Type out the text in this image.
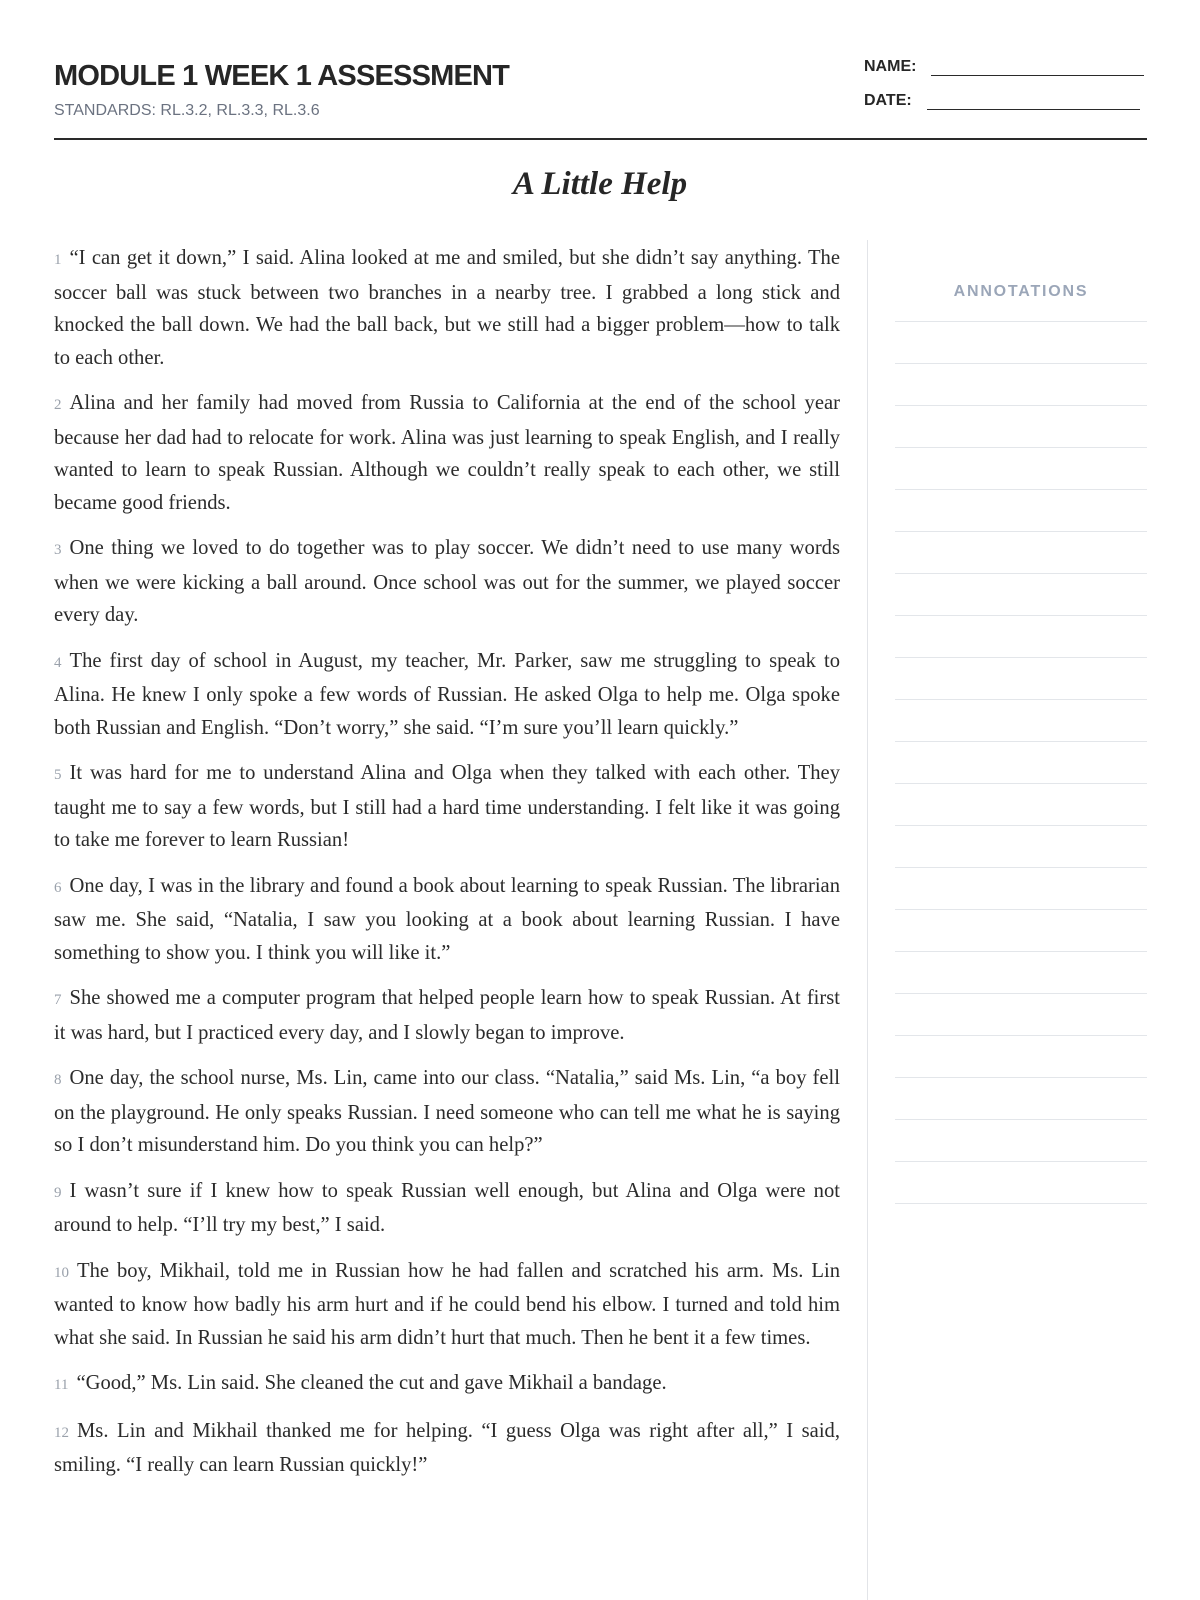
MODULE 1 WEEK 1 ASSESSMENT
STANDARDS: RL.3.2, RL.3.3, RL.3.6
NAME:
DATE:
A Little Help

1 “I can get it down,” I said. Alina looked at me and smiled, but she didn’t say anything. The soccer ball was stuck between two branches in a nearby tree. I grabbed a long stick and knocked the ball down. We had the ball back, but we still had a bigger problem—how to talk to each other.

2 Alina and her family had moved from Russia to California at the end of the school year because her dad had to relocate for work. Alina was just learning to speak English, and I really wanted to learn to speak Russian. Although we couldn’t really speak to each other, we still became good friends.

3 One thing we loved to do together was to play soccer. We didn’t need to use many words when we were kicking a ball around. Once school was out for the summer, we played soccer every day.

4 The first day of school in August, my teacher, Mr. Parker, saw me struggling to speak to Alina. He knew I only spoke a few words of Russian. He asked Olga to help me. Olga spoke both Russian and English. “Don’t worry,” she said. “I’m sure you’ll learn quickly.”

5 It was hard for me to understand Alina and Olga when they talked with each other. They taught me to say a few words, but I still had a hard time understanding. I felt like it was going to take me forever to learn Russian!

6 One day, I was in the library and found a book about learning to speak Russian. The librarian saw me. She said, “Natalia, I saw you looking at a book about learning Russian. I have something to show you. I think you will like it.”

7 She showed me a computer program that helped people learn how to speak Russian. At first it was hard, but I practiced every day, and I slowly began to improve.

8 One day, the school nurse, Ms. Lin, came into our class. “Natalia,” said Ms. Lin, “a boy fell on the playground. He only speaks Russian. I need someone who can tell me what he is saying so I don’t misunderstand him. Do you think you can help?”

9 I wasn’t sure if I knew how to speak Russian well enough, but Alina and Olga were not around to help. “I’ll try my best,” I said.

10 The boy, Mikhail, told me in Russian how he had fallen and scratched his arm. Ms. Lin wanted to know how badly his arm hurt and if he could bend his elbow. I turned and told him what she said. In Russian he said his arm didn’t hurt that much. Then he bent it a few times.

11 “Good,” Ms. Lin said. She cleaned the cut and gave Mikhail a bandage.

12 Ms. Lin and Mikhail thanked me for helping. “I guess Olga was right after all,” I said, smiling. “I really can learn Russian quickly!”

ANNOTATIONS
